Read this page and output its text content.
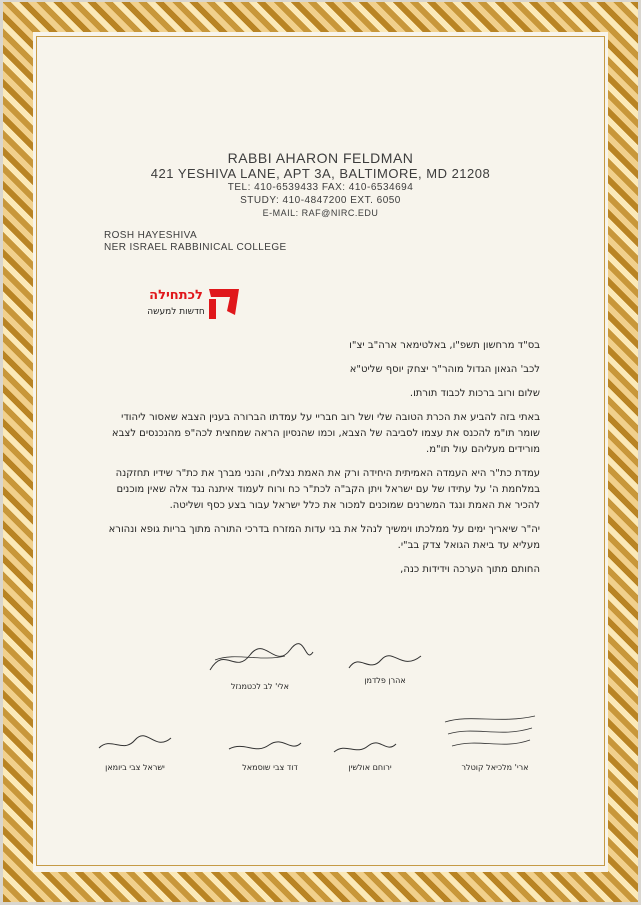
RABBI AHARON FELDMAN
421 YESHIVA LANE, APT 3A, BALTIMORE, MD 21208
TEL: 410-6539433 FAX: 410-6534694
STUDY: 410-4847200 EXT. 6050
E-MAIL: RAF@NIRC.EDU
ROSH HAYESHIVA
NER ISRAEL RABBINICAL COLLEGE
לכתחילה
חדשות למעשה

בס"ד מרחשון תשפ"ו, באלטימאר ארה"ב יצ"ו

לכב' הגאון הגדול מוהר"ר יצחק יוסף שליט"א

שלום ורוב ברכות לכבוד תורתו.

באתי בזה להביע את הכרת הטובה שלי ושל רוב חבריי על עמדתו הברורה בענין הצבא שאסור ליהודי שומר תו"מ להכנס את עצמו לסביבה של הצבא, וכמו שהנסיון הראה שמחצית לכה"פ מהנכנסים לצבא מורידים מעליהם עול תו"מ.

עמדת כת"ר היא העמדה האמיתית היחידה ורק את האמת נצליח, והנני מברך את כת"ר שידיו תחזקנה במלחמת ה' על עתידו של עם ישראל ויתן הקב"ה לכת"ר כח ורוח לעמוד איתנה נגד אלה שאין מוכנים להכיר את האמת ונגד המשרנים שמוכנים למכור את כלל ישראל עבור בצע כסף ושליטה.

יה"ר שיאריך ימים על ממלכתו וימשיך לנהל את בני עדות המזרח בדרכי התורה מתוך בריות גופא ונהורא מעליא עד ביאת הגואל צדק בב"י.

החותם מתוך הערכה וידידות כנה,

אלי' לב לכטמנזל
אהרן פלדמן
ישראל צבי ביומאן	דוד צבי שוסמאל	ירוחם אולשין	ארי' מלכיאל קוטלר
